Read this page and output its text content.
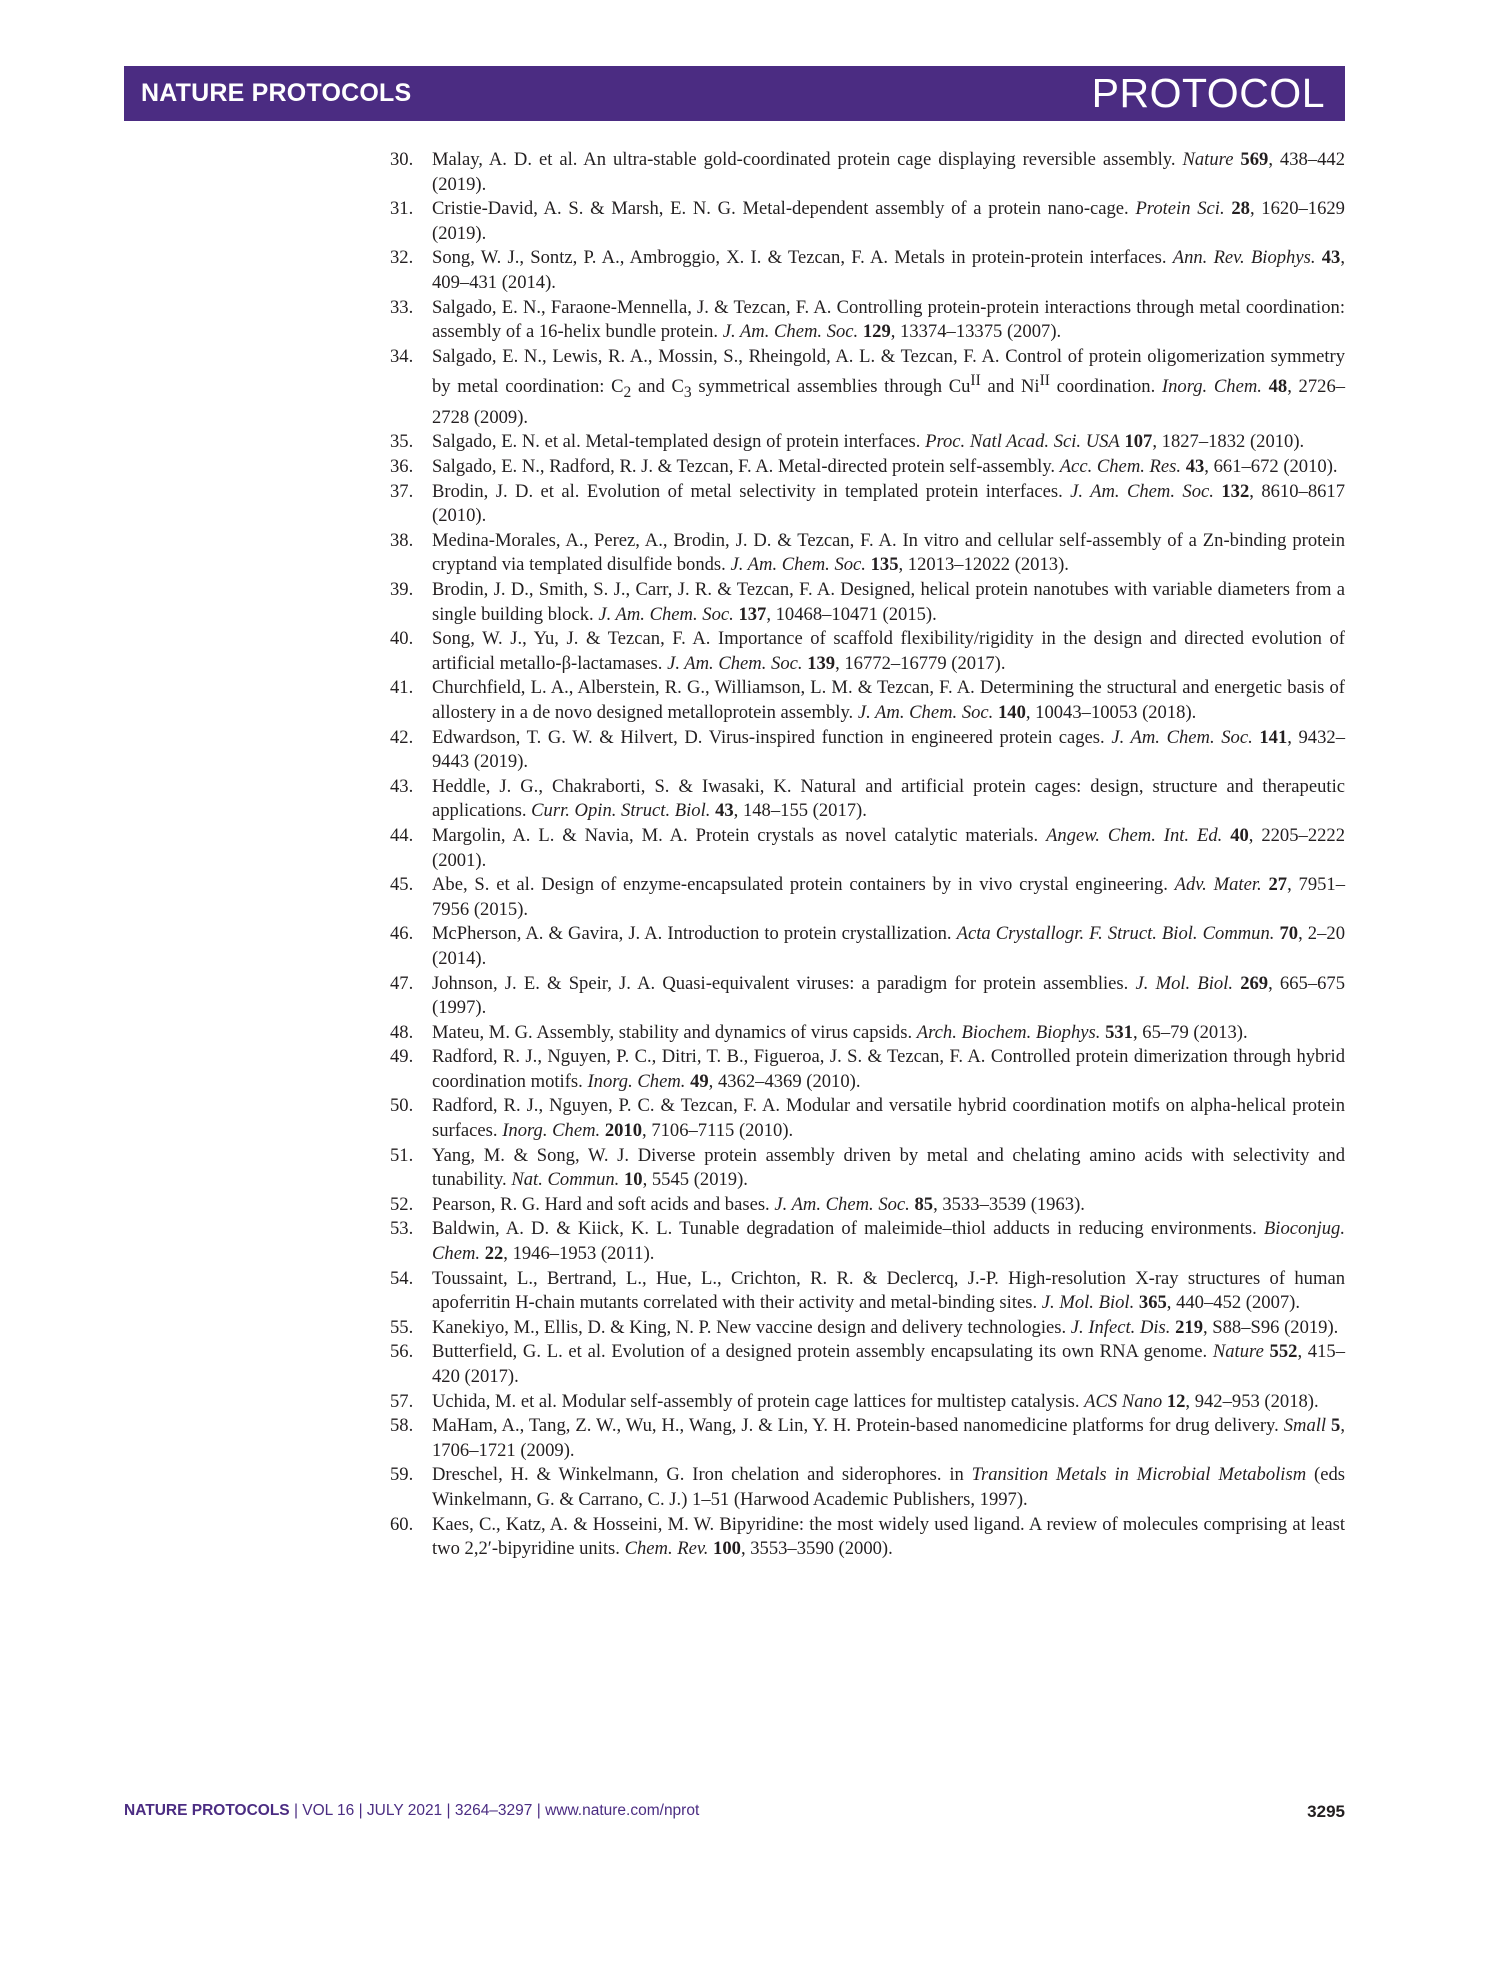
NATURE PROTOCOLS	PROTOCOL
30. Malay, A. D. et al. An ultra-stable gold-coordinated protein cage displaying reversible assembly. Nature 569, 438–442 (2019).
31. Cristie-David, A. S. & Marsh, E. N. G. Metal-dependent assembly of a protein nano-cage. Protein Sci. 28, 1620–1629 (2019).
32. Song, W. J., Sontz, P. A., Ambroggio, X. I. & Tezcan, F. A. Metals in protein-protein interfaces. Ann. Rev. Biophys. 43, 409–431 (2014).
33. Salgado, E. N., Faraone-Mennella, J. & Tezcan, F. A. Controlling protein-protein interactions through metal coordination: assembly of a 16-helix bundle protein. J. Am. Chem. Soc. 129, 13374–13375 (2007).
34. Salgado, E. N., Lewis, R. A., Mossin, S., Rheingold, A. L. & Tezcan, F. A. Control of protein oligomerization symmetry by metal coordination: $C_2$ and $C_3$ symmetrical assemblies through $Cu^{II}$ and $Ni^{II}$ coordination. Inorg. Chem. 48, 2726–2728 (2009).
35. Salgado, E. N. et al. Metal-templated design of protein interfaces. Proc. Natl Acad. Sci. USA 107, 1827–1832 (2010).
36. Salgado, E. N., Radford, R. J. & Tezcan, F. A. Metal-directed protein self-assembly. Acc. Chem. Res. 43, 661–672 (2010).
37. Brodin, J. D. et al. Evolution of metal selectivity in templated protein interfaces. J. Am. Chem. Soc. 132, 8610–8617 (2010).
38. Medina-Morales, A., Perez, A., Brodin, J. D. & Tezcan, F. A. In vitro and cellular self-assembly of a Zn-binding protein cryptand via templated disulfide bonds. J. Am. Chem. Soc. 135, 12013–12022 (2013).
39. Brodin, J. D., Smith, S. J., Carr, J. R. & Tezcan, F. A. Designed, helical protein nanotubes with variable diameters from a single building block. J. Am. Chem. Soc. 137, 10468–10471 (2015).
40. Song, W. J., Yu, J. & Tezcan, F. A. Importance of scaffold flexibility/rigidity in the design and directed evolution of artificial metallo-β-lactamases. J. Am. Chem. Soc. 139, 16772–16779 (2017).
41. Churchfield, L. A., Alberstein, R. G., Williamson, L. M. & Tezcan, F. A. Determining the structural and energetic basis of allostery in a de novo designed metalloprotein assembly. J. Am. Chem. Soc. 140, 10043–10053 (2018).
42. Edwardson, T. G. W. & Hilvert, D. Virus-inspired function in engineered protein cages. J. Am. Chem. Soc. 141, 9432–9443 (2019).
43. Heddle, J. G., Chakraborti, S. & Iwasaki, K. Natural and artificial protein cages: design, structure and therapeutic applications. Curr. Opin. Struct. Biol. 43, 148–155 (2017).
44. Margolin, A. L. & Navia, M. A. Protein crystals as novel catalytic materials. Angew. Chem. Int. Ed. 40, 2205–2222 (2001).
45. Abe, S. et al. Design of enzyme-encapsulated protein containers by in vivo crystal engineering. Adv. Mater. 27, 7951–7956 (2015).
46. McPherson, A. & Gavira, J. A. Introduction to protein crystallization. Acta Crystallogr. F. Struct. Biol. Commun. 70, 2–20 (2014).
47. Johnson, J. E. & Speir, J. A. Quasi-equivalent viruses: a paradigm for protein assemblies. J. Mol. Biol. 269, 665–675 (1997).
48. Mateu, M. G. Assembly, stability and dynamics of virus capsids. Arch. Biochem. Biophys. 531, 65–79 (2013).
49. Radford, R. J., Nguyen, P. C., Ditri, T. B., Figueroa, J. S. & Tezcan, F. A. Controlled protein dimerization through hybrid coordination motifs. Inorg. Chem. 49, 4362–4369 (2010).
50. Radford, R. J., Nguyen, P. C. & Tezcan, F. A. Modular and versatile hybrid coordination motifs on alpha-helical protein surfaces. Inorg. Chem. 2010, 7106–7115 (2010).
51. Yang, M. & Song, W. J. Diverse protein assembly driven by metal and chelating amino acids with selectivity and tunability. Nat. Commun. 10, 5545 (2019).
52. Pearson, R. G. Hard and soft acids and bases. J. Am. Chem. Soc. 85, 3533–3539 (1963).
53. Baldwin, A. D. & Kiick, K. L. Tunable degradation of maleimide–thiol adducts in reducing environments. Bioconjug. Chem. 22, 1946–1953 (2011).
54. Toussaint, L., Bertrand, L., Hue, L., Crichton, R. R. & Declercq, J.-P. High-resolution X-ray structures of human apoferritin H-chain mutants correlated with their activity and metal-binding sites. J. Mol. Biol. 365, 440–452 (2007).
55. Kanekiyo, M., Ellis, D. & King, N. P. New vaccine design and delivery technologies. J. Infect. Dis. 219, S88–S96 (2019).
56. Butterfield, G. L. et al. Evolution of a designed protein assembly encapsulating its own RNA genome. Nature 552, 415–420 (2017).
57. Uchida, M. et al. Modular self-assembly of protein cage lattices for multistep catalysis. ACS Nano 12, 942–953 (2018).
58. MaHam, A., Tang, Z. W., Wu, H., Wang, J. & Lin, Y. H. Protein-based nanomedicine platforms for drug delivery. Small 5, 1706–1721 (2009).
59. Dreschel, H. & Winkelmann, G. Iron chelation and siderophores. in Transition Metals in Microbial Metabolism (eds Winkelmann, G. & Carrano, C. J.) 1–51 (Harwood Academic Publishers, 1997).
60. Kaes, C., Katz, A. & Hosseini, M. W. Bipyridine: the most widely used ligand. A review of molecules comprising at least two 2,2′-bipyridine units. Chem. Rev. 100, 3553–3590 (2000).
NATURE PROTOCOLS | VOL 16 | JULY 2021 | 3264–3297 | www.nature.com/nprot	3295
